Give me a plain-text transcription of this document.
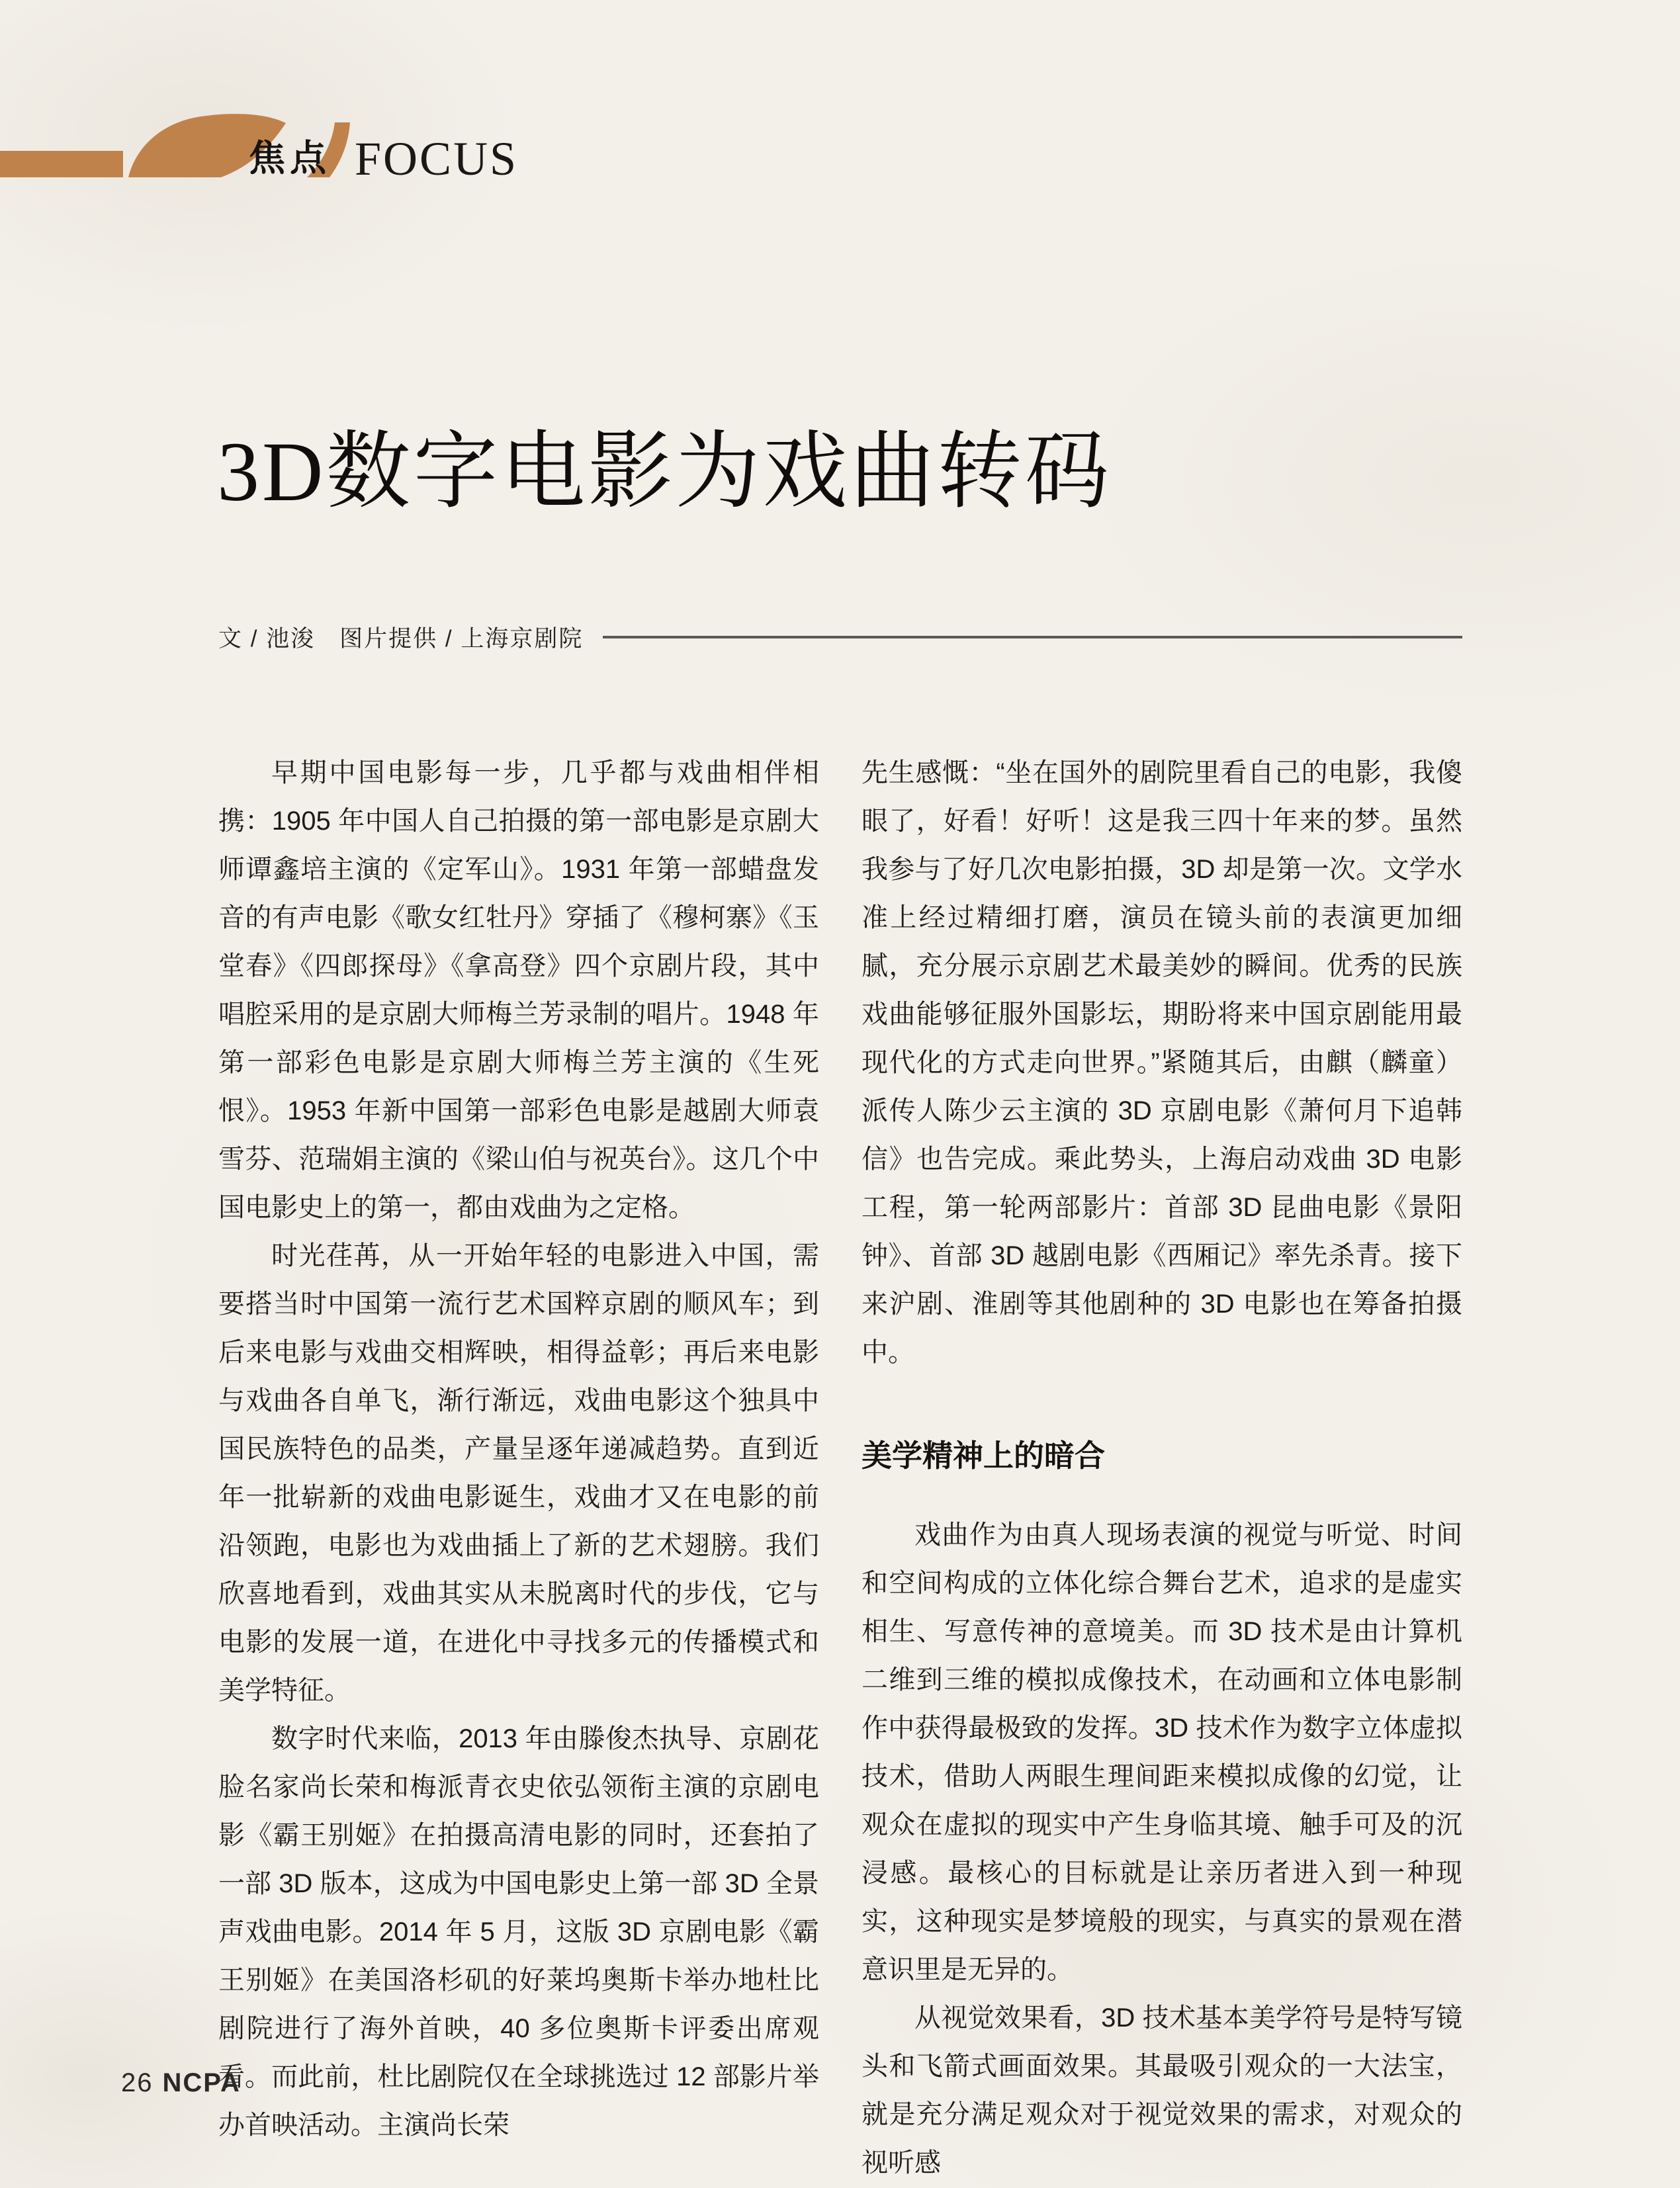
焦点 FOCUS
3D数字电影为戏曲转码
文 / 池浚　图片提供 / 上海京剧院

早期中国电影每一步，几乎都与戏曲相伴相携：1905 年中国人自己拍摄的第一部电影是京剧大师谭鑫培主演的《定军山》。1931 年第一部蜡盘发音的有声电影《歌女红牡丹》穿插了《穆柯寨》《玉堂春》《四郎探母》《拿高登》四个京剧片段，其中唱腔采用的是京剧大师梅兰芳录制的唱片。1948 年第一部彩色电影是京剧大师梅兰芳主演的《生死恨》。1953 年新中国第一部彩色电影是越剧大师袁雪芬、范瑞娟主演的《梁山伯与祝英台》。这几个中国电影史上的第一，都由戏曲为之定格。

时光荏苒，从一开始年轻的电影进入中国，需要搭当时中国第一流行艺术国粹京剧的顺风车；到后来电影与戏曲交相辉映，相得益彰；再后来电影与戏曲各自单飞，渐行渐远，戏曲电影这个独具中国民族特色的品类，产量呈逐年递减趋势。直到近年一批崭新的戏曲电影诞生，戏曲才又在电影的前沿领跑，电影也为戏曲插上了新的艺术翅膀。我们欣喜地看到，戏曲其实从未脱离时代的步伐，它与电影的发展一道，在进化中寻找多元的传播模式和美学特征。

数字时代来临，2013 年由滕俊杰执导、京剧花脸名家尚长荣和梅派青衣史依弘领衔主演的京剧电影《霸王别姬》在拍摄高清电影的同时，还套拍了一部 3D 版本，这成为中国电影史上第一部 3D 全景声戏曲电影。2014 年 5 月，这版 3D 京剧电影《霸王别姬》在美国洛杉矶的好莱坞奥斯卡举办地杜比剧院进行了海外首映，40 多位奥斯卡评委出席观看。而此前，杜比剧院仅在全球挑选过 12 部影片举办首映活动。主演尚长荣

先生感慨：“坐在国外的剧院里看自己的电影，我傻眼了，好看！好听！这是我三四十年来的梦。虽然我参与了好几次电影拍摄，3D 却是第一次。文学水准上经过精细打磨，演员在镜头前的表演更加细腻，充分展示京剧艺术最美妙的瞬间。优秀的民族戏曲能够征服外国影坛，期盼将来中国京剧能用最现代化的方式走向世界。”紧随其后，由麒（麟童）派传人陈少云主演的 3D 京剧电影《萧何月下追韩信》也告完成。乘此势头，上海启动戏曲 3D 电影工程，第一轮两部影片：首部 3D 昆曲电影《景阳钟》、首部 3D 越剧电影《西厢记》率先杀青。接下来沪剧、淮剧等其他剧种的 3D 电影也在筹备拍摄中。

美学精神上的暗合

戏曲作为由真人现场表演的视觉与听觉、时间和空间构成的立体化综合舞台艺术，追求的是虚实相生、写意传神的意境美。而 3D 技术是由计算机二维到三维的模拟成像技术，在动画和立体电影制作中获得最极致的发挥。3D 技术作为数字立体虚拟技术，借助人两眼生理间距来模拟成像的幻觉，让观众在虚拟的现实中产生身临其境、触手可及的沉浸感。最核心的目标就是让亲历者进入到一种现实，这种现实是梦境般的现实，与真实的景观在潜意识里是无异的。

从视觉效果看，3D 技术基本美学符号是特写镜头和飞箭式画面效果。其最吸引观众的一大法宝，就是充分满足观众对于视觉效果的需求，对观众的视听感

26 NCPA
